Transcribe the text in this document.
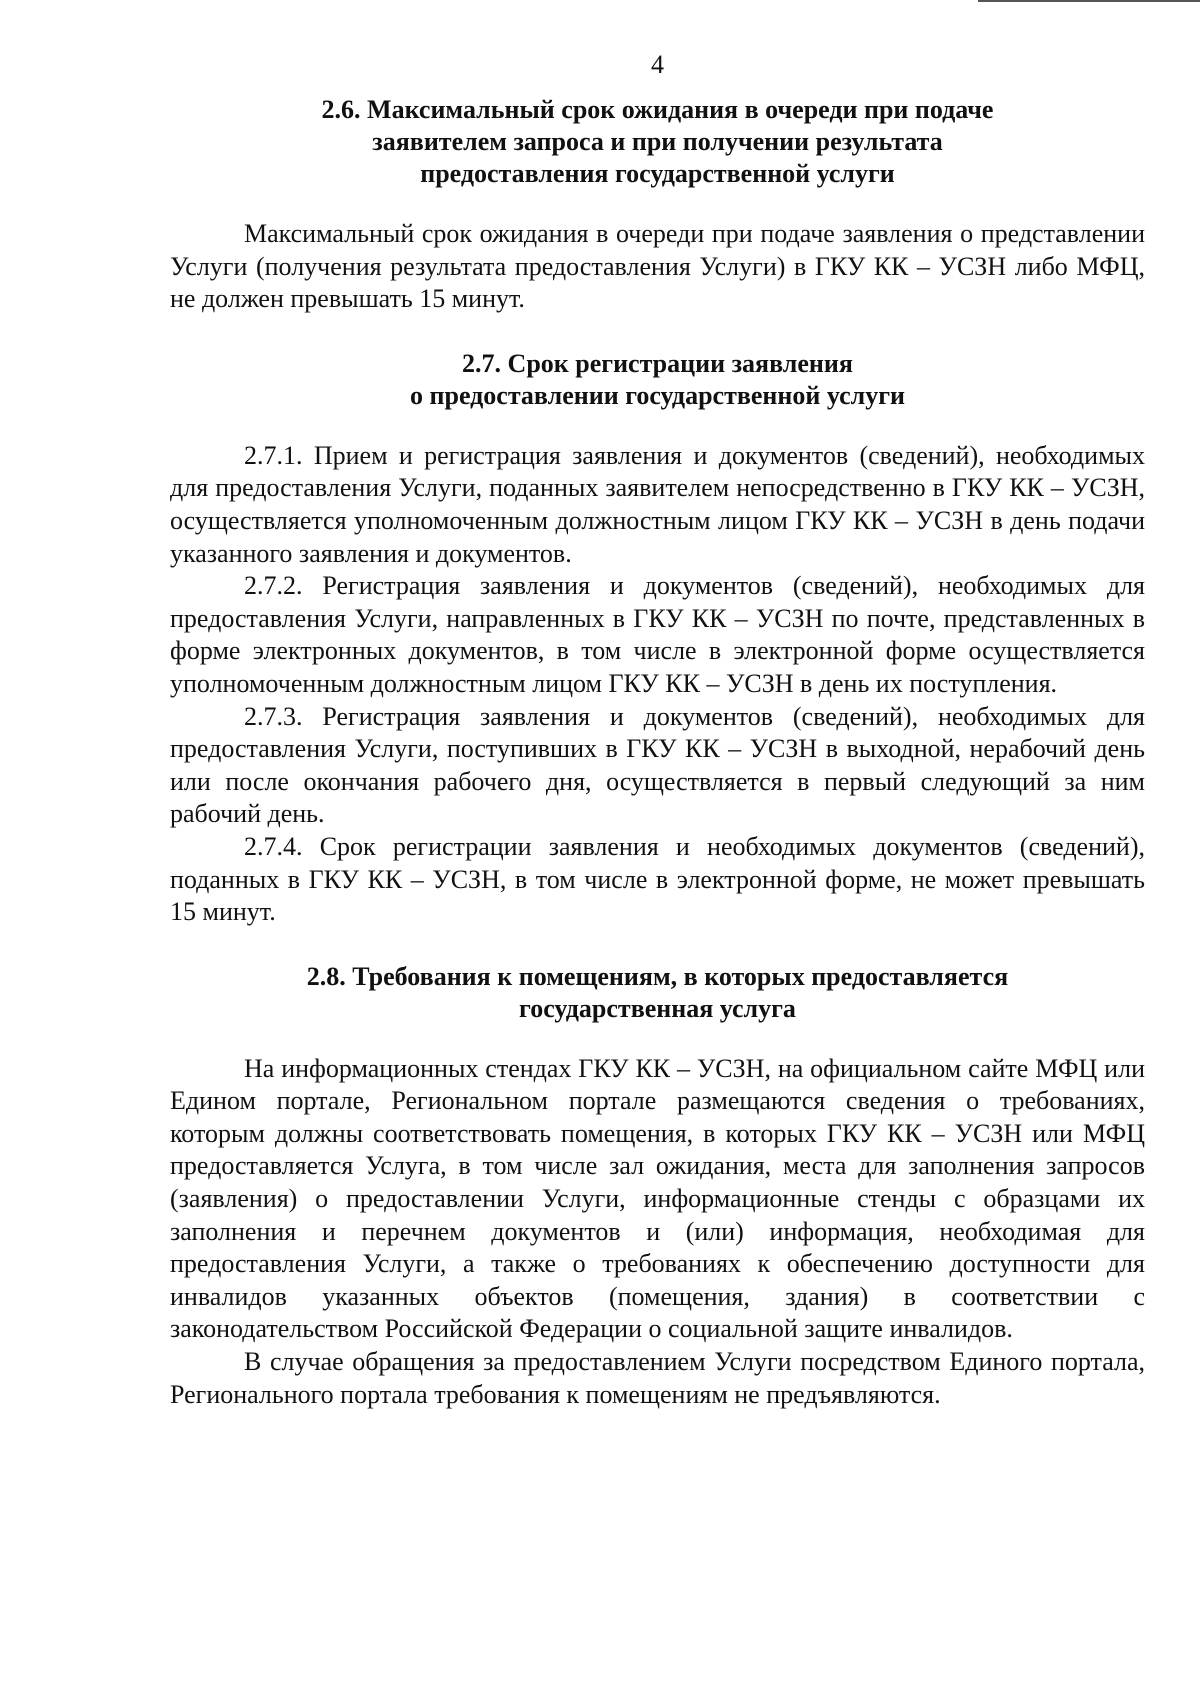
4
2.6. Максимальный срок ожидания в очереди при подаче
заявителем запроса и при получении результата
предоставления государственной услуги

Максимальный срок ожидания в очереди при подаче заявления о представлении Услуги (получения результата предоставления Услуги) в ГКУ КК – УСЗН либо МФЦ, не должен превышать 15 минут.

2.7. Срок регистрации заявления
о предоставлении государственной услуги

2.7.1. Прием и регистрация заявления и документов (сведений), необходимых для предоставления Услуги, поданных заявителем непосредственно в ГКУ КК – УСЗН, осуществляется уполномоченным должностным лицом ГКУ КК – УСЗН в день подачи указанного заявления и документов.

2.7.2. Регистрация заявления и документов (сведений), необходимых для предоставления Услуги, направленных в ГКУ КК – УСЗН по почте, представленных в форме электронных документов, в том числе в электронной форме осуществляется уполномоченным должностным лицом ГКУ КК – УСЗН в день их поступления.

2.7.3. Регистрация заявления и документов (сведений), необходимых для предоставления Услуги, поступивших в ГКУ КК – УСЗН в выходной, нерабочий день или после окончания рабочего дня, осуществляется в первый следующий за ним рабочий день.

2.7.4. Срок регистрации заявления и необходимых документов (сведений), поданных в ГКУ КК – УСЗН, в том числе в электронной форме, не может превышать 15 минут.

2.8. Требования к помещениям, в которых предоставляется
государственная услуга

На информационных стендах ГКУ КК – УСЗН, на официальном сайте МФЦ или Едином портале, Региональном портале размещаются сведения о требованиях, которым должны соответствовать помещения, в которых ГКУ КК – УСЗН или МФЦ предоставляется Услуга, в том числе зал ожидания, места для заполнения запросов (заявления) о предоставлении Услуги, информационные стенды с образцами их заполнения и перечнем документов и (или) информация, необходимая для предоставления Услуги, а также о требованиях к обеспечению доступности для инвалидов указанных объектов (помещения, здания) в соответствии с законодательством Российской Федерации о социальной защите инвалидов.

В случае обращения за предоставлением Услуги посредством Единого портала, Регионального портала требования к помещениям не предъявляются.
